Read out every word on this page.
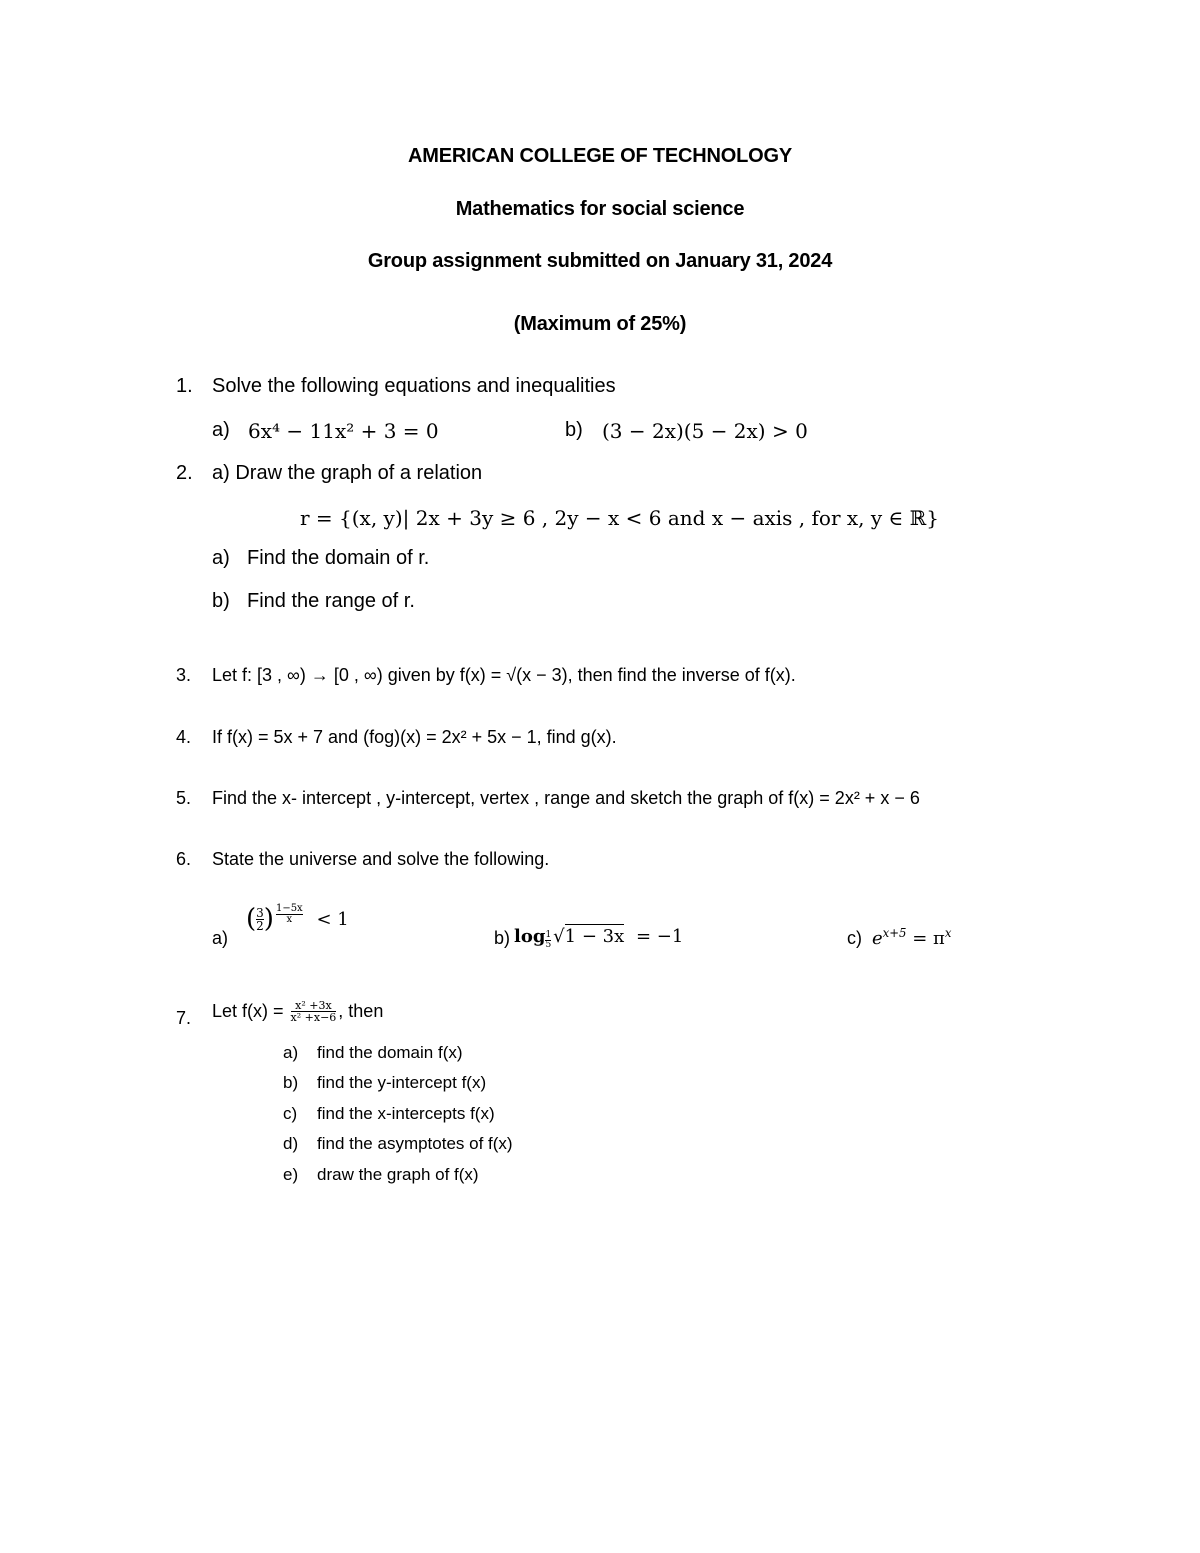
AMERICAN COLLEGE OF TECHNOLOGY
Mathematics for social science
Group assignment submitted on January 31, 2024
(Maximum of 25%)
1. Solve the following equations and inequalities
a) 6x⁴ − 11x² + 3 = 0	b) (3 − 2x)(5 − 2x) > 0
2. a) Draw the graph of a relation
r = {(x, y)| 2x + 3y ≥ 6 , 2y − x < 6 and x − axis , for x, y ∈ ℝ}
a) Find the domain of r.
b) Find the range of r.
3. Let f: [3 , ∞) → [0 , ∞) given by f(x) = √(x − 3), then find the inverse of f(x).
4. If f(x) = 5x + 7 and (fog)(x) = 2x² + 5x − 1, find g(x).
5. Find the x- intercept , y-intercept, vertex , range and sketch the graph of f(x) = 2x² + x − 6
6. State the universe and solve the following.
a)
( $\frac{3}{2}$ ) $\frac{1-5x}{x} < 1$
b) $\log \frac{1}{5} √1 - 3x = -1$	c) $e^{x+5} = \pi^x$
7. Let $f(x) = \frac{\text{x² +3x}}{\text{x² +x−6}}$ , then
a) find the domain f(x)
b) find the y-intercept f(x)
c) find the x-intercepts f(x)
d) find the asymptotes of f(x)
e) draw the graph of f(x)
